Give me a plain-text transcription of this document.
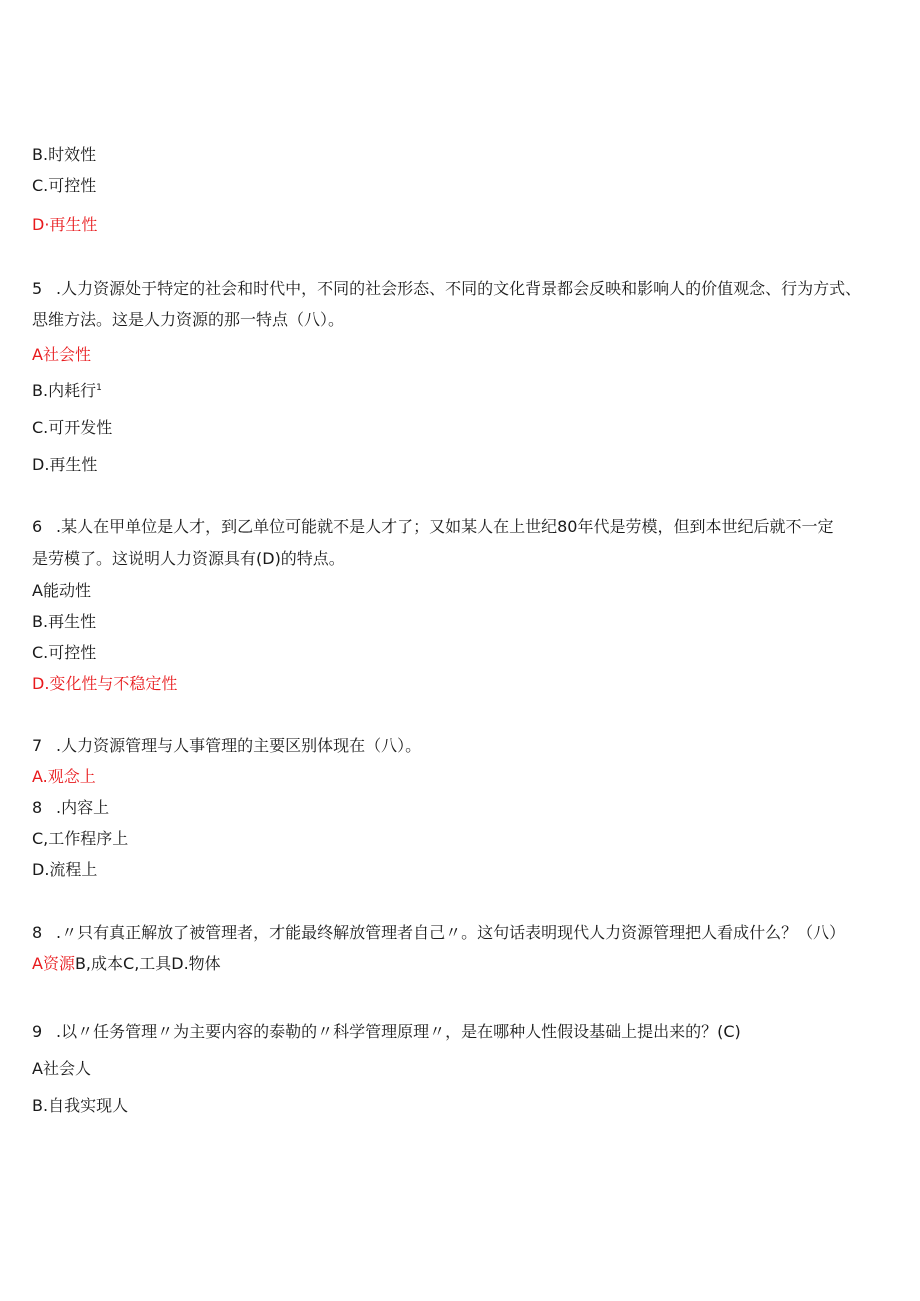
B.时效性
C.可控性
D·再生性
5 .人力资源处于特定的社会和时代中，不同的社会形态、不同的文化背景都会反映和影响人的价值观念、行为方式、
思维方法。这是人力资源的那一特点（八）。
A社会性
B.内耗行$^1$
C.可开发性
D.再生性
6 .某人在甲单位是人才，到乙单位可能就不是人才了；又如某人在上世纪80年代是劳模，但到本世纪后就不一定
是劳模了。这说明人力资源具有(D)的特点。
A能动性
B.再生性
C.可控性
D.变化性与不稳定性
7 .人力资源管理与人事管理的主要区别体现在（八）。
A.观念上
8 .内容上
C,工作程序上
D.流程上
8 .〃只有真正解放了被管理者，才能最终解放管理者自己〃。这句话表明现代人力资源管理把人看成什么？（八）
A资源B,成本C,工具D.物体
9 .以〃任务管理〃为主要内容的泰勒的〃科学管理原理〃，是在哪种人性假设基础上提出来的？(C)
A社会人
B.自我实现人
